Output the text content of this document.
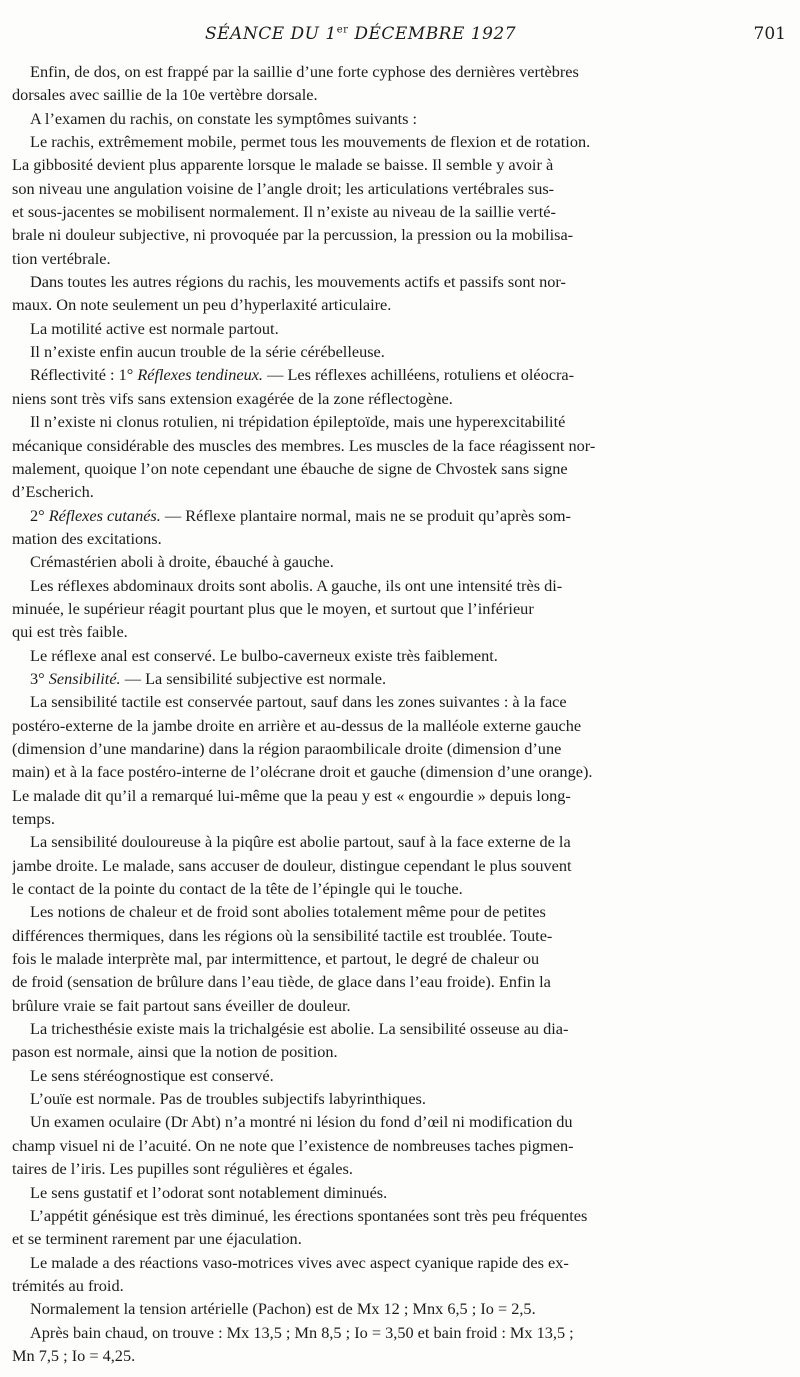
SÉANCE DU 1er DÉCEMBRE 1927	701

Enfin, de dos, on est frappé par la saillie d’une forte cyphose des dernières vertèbres
dorsales avec saillie de la 10e vertèbre dorsale.

A l’examen du rachis, on constate les symptômes suivants :

Le rachis, extrêmement mobile, permet tous les mouvements de flexion et de rotation.
La gibbosité devient plus apparente lorsque le malade se baisse. Il semble y avoir à
son niveau une angulation voisine de l’angle droit; les articulations vertébrales sus-
et sous-jacentes se mobilisent normalement. Il n’existe au niveau de la saillie verté-
brale ni douleur subjective, ni provoquée par la percussion, la pression ou la mobilisa-
tion vertébrale.

Dans toutes les autres régions du rachis, les mouvements actifs et passifs sont nor-
maux. On note seulement un peu d’hyperlaxité articulaire.

La motilité active est normale partout.

Il n’existe enfin aucun trouble de la série cérébelleuse.

Réflectivité : 1° Réflexes tendineux. — Les réflexes achilléens, rotuliens et oléocra-
niens sont très vifs sans extension exagérée de la zone réflectogène.

Il n’existe ni clonus rotulien, ni trépidation épileptoïde, mais une hyperexcitabilité
mécanique considérable des muscles des membres. Les muscles de la face réagissent nor-
malement, quoique l’on note cependant une ébauche de signe de Chvostek sans signe
d’Escherich.

2° Réflexes cutanés. — Réflexe plantaire normal, mais ne se produit qu’après som-
mation des excitations.

Crémastérien aboli à droite, ébauché à gauche.

Les réflexes abdominaux droits sont abolis. A gauche, ils ont une intensité très di-
minuée, le supérieur réagit pourtant plus que le moyen, et surtout que l’inférieur
qui est très faible.

Le réflexe anal est conservé. Le bulbo-caverneux existe très faiblement.

3° Sensibilité. — La sensibilité subjective est normale.

La sensibilité tactile est conservée partout, sauf dans les zones suivantes : à la face
postéro-externe de la jambe droite en arrière et au-dessus de la malléole externe gauche
(dimension d’une mandarine) dans la région paraombilicale droite (dimension d’une
main) et à la face postéro-interne de l’olécrane droit et gauche (dimension d’une orange).
Le malade dit qu’il a remarqué lui-même que la peau y est « engourdie » depuis long-
temps.

La sensibilité douloureuse à la piqûre est abolie partout, sauf à la face externe de la
jambe droite. Le malade, sans accuser de douleur, distingue cependant le plus souvent
le contact de la pointe du contact de la tête de l’épingle qui le touche.

Les notions de chaleur et de froid sont abolies totalement même pour de petites
différences thermiques, dans les régions où la sensibilité tactile est troublée. Toute-
fois le malade interprète mal, par intermittence, et partout, le degré de chaleur ou
de froid (sensation de brûlure dans l’eau tiède, de glace dans l’eau froide). Enfin la
brûlure vraie se fait partout sans éveiller de douleur.

La trichesthésie existe mais la trichalgésie est abolie. La sensibilité osseuse au dia-
pason est normale, ainsi que la notion de position.

Le sens stéréognostique est conservé.

L’ouïe est normale. Pas de troubles subjectifs labyrinthiques.

Un examen oculaire (Dr Abt) n’a montré ni lésion du fond d’œil ni modification du
champ visuel ni de l’acuité. On ne note que l’existence de nombreuses taches pigmen-
taires de l’iris. Les pupilles sont régulières et égales.

Le sens gustatif et l’odorat sont notablement diminués.

L’appétit génésique est très diminué, les érections spontanées sont très peu fréquentes
et se terminent rarement par une éjaculation.

Le malade a des réactions vaso-motrices vives avec aspect cyanique rapide des ex-
trémités au froid.

Normalement la tension artérielle (Pachon) est de Mx 12 ; Mnx 6,5 ; Io = 2,5.

Après bain chaud, on trouve : Mx 13,5 ; Mn 8,5 ; Io = 3,50 et bain froid : Mx 13,5 ;
Mn 7,5 ; Io = 4,25.
